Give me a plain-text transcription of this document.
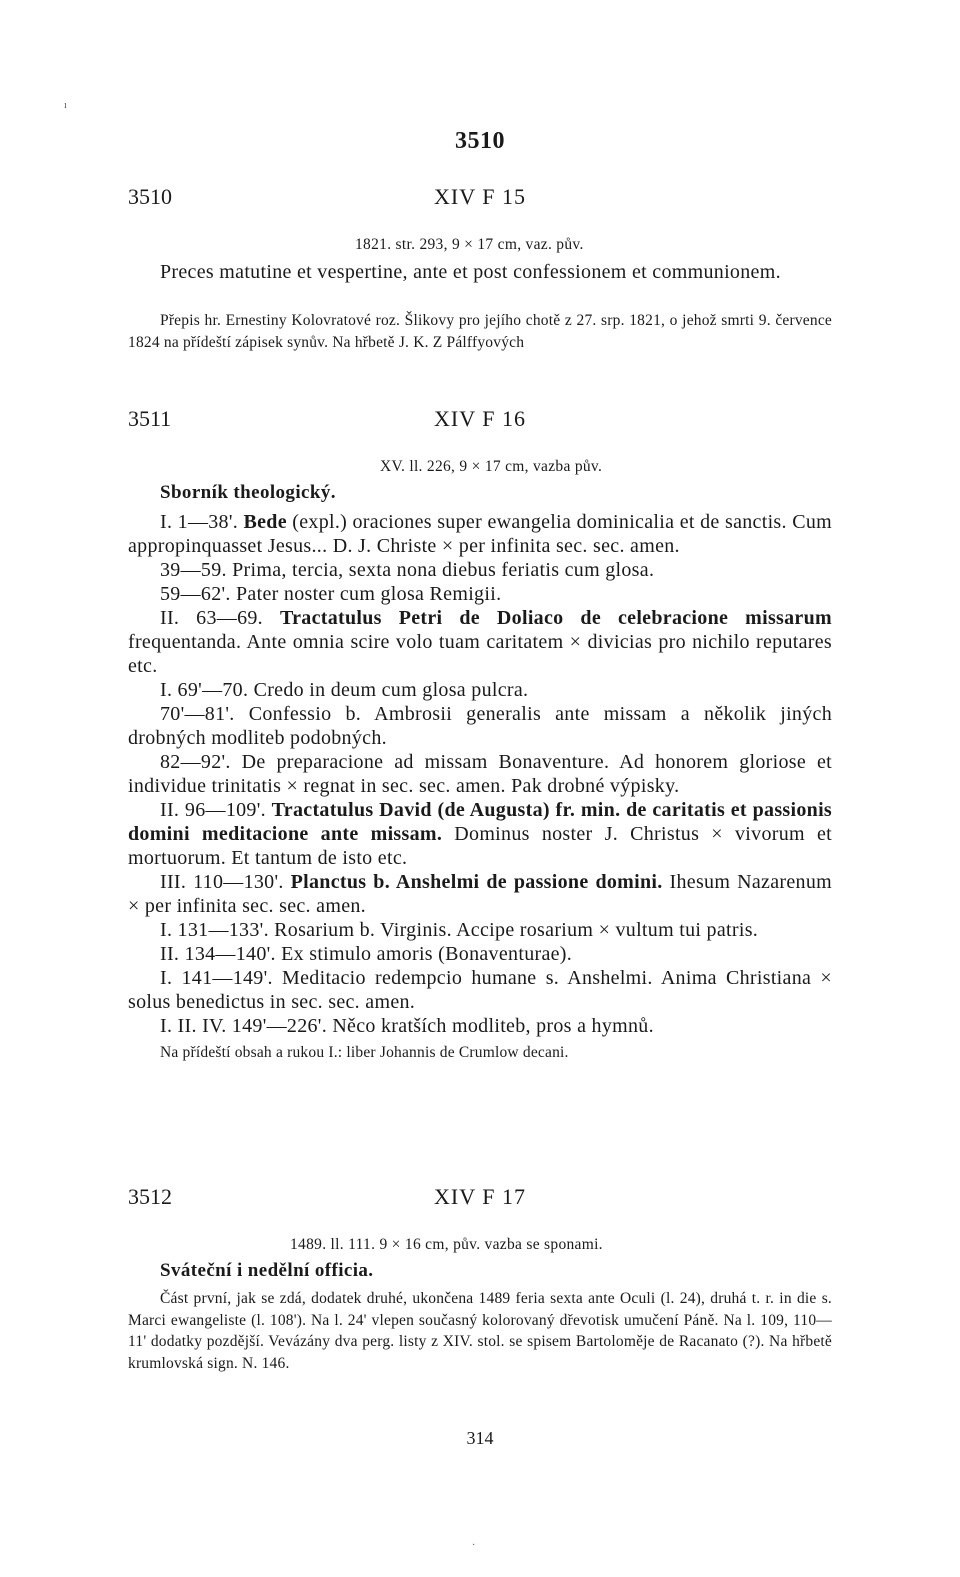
3510
3510	XIV F 15
1821. str. 293, 9 × 17 cm, vaz. pův.
Preces matutine et vespertine, ante et post confessionem et communionem.
Přepis hr. Ernestiny Kolovratové roz. Šlikovy pro jejího chotě z 27. srp. 1821, o jehož smrti 9. července 1824 na přídeští zápisek synův. Na hřbetě J. K. Z Pálffyových
3511	XIV F 16
XV. ll. 226, 9 × 17 cm, vazba pův.
Sborník theologický.
I. 1—38'. Bede (expl.) oraciones super ewangelia dominicalia et de sanctis. Cum appropinquasset Jesus... D. J. Christe × per infinita sec. sec. amen.
39—59. Prima, tercia, sexta nona diebus feriatis cum glosa.
59—62'. Pater noster cum glosa Remigii.
II. 63—69. Tractatulus Petri de Doliaco de celebracione missarum frequentanda. Ante omnia scire volo tuam caritatem × divicias pro nichilo reputares etc.
I. 69'—70. Credo in deum cum glosa pulcra.
70'—81'. Confessio b. Ambrosii generalis ante missam a několik jiných drobných modliteb podobných.
82—92'. De preparacione ad missam Bonaventure. Ad honorem gloriose et individue trinitatis × regnat in sec. sec. amen. Pak drobné výpisky.
II. 96—109'. Tractatulus David (de Augusta) fr. min. de caritatis et passionis domini meditacione ante missam. Dominus noster J. Christus × vivorum et mortuorum. Et tantum de isto etc.
III. 110—130'. Planctus b. Anshelmi de passione domini. Ihesum Nazarenum × per infinita sec. sec. amen.
I. 131—133'. Rosarium b. Virginis. Accipe rosarium × vultum tui patris.
II. 134—140'. Ex stimulo amoris (Bonaventurae).
I. 141—149'. Meditacio redempcio humane s. Anshelmi. Anima Christiana × solus benedictus in sec. sec. amen.
I. II. IV. 149'—226'. Něco kratších modliteb, pros a hymnů.
Na přídeští obsah a rukou I.: liber Johannis de Crumlow decani.
3512	XIV F 17
1489. ll. 111. 9 × 16 cm, pův. vazba se sponami.
Sváteční i nedělní officia.
Část první, jak se zdá, dodatek druhé, ukončena 1489 feria sexta ante Oculi (l. 24), druhá t. r. in die s. Marci ewangeliste (l. 108'). Na l. 24' vlepen současný kolorovaný dřevotisk umučení Páně. Na l. 109, 110—11' dodatky pozdější. Vevázány dva perg. listy z XIV. stol. se spisem Bartoloměje de Racanato (?). Na hřbetě krumlovská sign. N. 146.
314
ı
·
